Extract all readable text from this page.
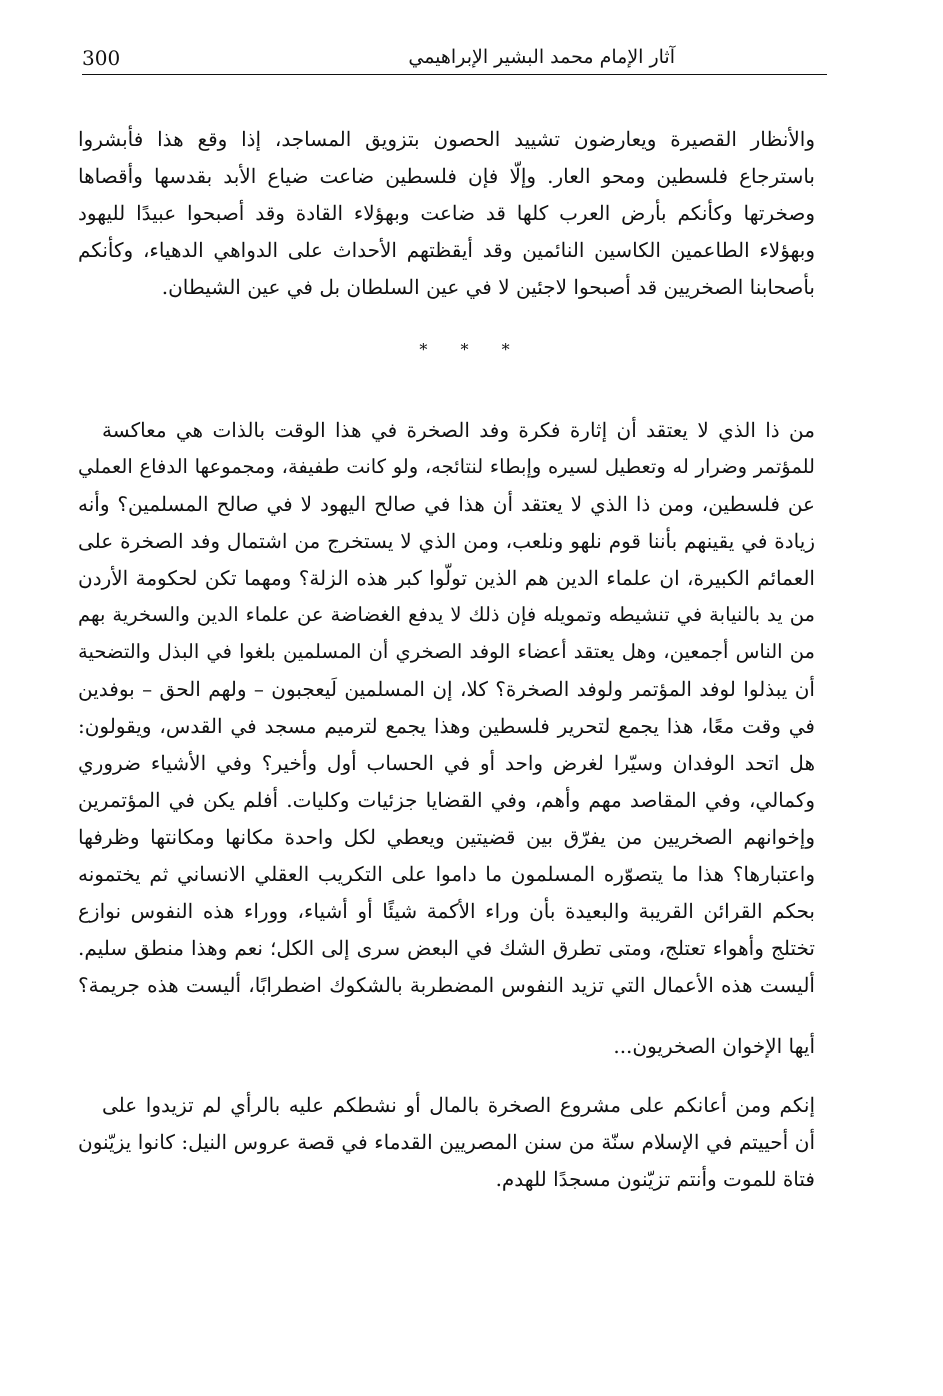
300	آثار الإمام محمد البشير الإبراهيمي
والأنظار القصيرة ويعارضون تشييد الحصون بتزويق المساجد، إذا وقع هذا فأبشروا
باسترجاع فلسطين ومحو العار. وإلّا فإن فلسطين ضاعت ضياع الأبد بقدسها وأقصاها
وصخرتها وكأنكم بأرض العرب كلها قد ضاعت وبهؤلاء القادة وقد أصبحوا عبيدًا لليهود
وبهؤلاء الطاعمين الكاسين النائمين وقد أيقظتهم الأحداث على الدواهي الدهياء، وكأنكم
بأصحابنا الصخريين قد أصبحوا لاجئين لا في عين السلطان بل في عين الشيطان.
* * *
من ذا الذي لا يعتقد أن إثارة فكرة وفد الصخرة في هذا الوقت بالذات هي معاكسة
للمؤتمر وضرار له وتعطيل لسيره وإبطاء لنتائجه، ولو كانت طفيفة، ومجموعها الدفاع العملي
عن فلسطين، ومن ذا الذي لا يعتقد أن هذا في صالح اليهود لا في صالح المسلمين؟ وأنه
زيادة في يقينهم بأننا قوم نلهو ونلعب، ومن الذي لا يستخرج من اشتمال وفد الصخرة على
العمائم الكبيرة، ان علماء الدين هم الذين تولّوا كبر هذه الزلة؟ ومهما تكن لحكومة الأردن
من يد بالنيابة في تنشيطه وتمويله فإن ذلك لا يدفع الغضاضة عن علماء الدين والسخرية بهم
من الناس أجمعين، وهل يعتقد أعضاء الوفد الصخري أن المسلمين بلغوا في البذل والتضحية
أن يبذلوا لوفد المؤتمر ولوفد الصخرة؟ كلا، إن المسلمين لَيعجبون – ولهم الحق – بوفدين
في وقت معًا، هذا يجمع لتحرير فلسطين وهذا يجمع لترميم مسجد في القدس، ويقولون:
هل اتحد الوفدان وسيّرا لغرض واحد أو في الحساب أول وأخير؟ وفي الأشياء ضروري
وكمالي، وفي المقاصد مهم وأهم، وفي القضايا جزئيات وكليات. أفلم يكن في المؤتمرين
وإخوانهم الصخريين من يفرّق بين قضيتين ويعطي لكل واحدة مكانها ومكانتها وظرفها
واعتبارها؟ هذا ما يتصوّره المسلمون ما داموا على التكريب العقلي الانساني ثم يختمونه
بحكم القرائن القريبة والبعيدة بأن وراء الأكمة شيئًا أو أشياء، ووراء هذه النفوس نوازع
تختلج وأهواء تعتلج، ومتى تطرق الشك في البعض سرى إلى الكل؛ نعم وهذا منطق سليم.
أليست هذه الأعمال التي تزيد النفوس المضطربة بالشكوك اضطرابًا، أليست هذه جريمة؟
أيها الإخوان الصخريون...
إنكم ومن أعانكم على مشروع الصخرة بالمال أو نشطكم عليه بالرأي لم تزيدوا على
أن أحييتم في الإسلام سنّة من سنن المصريين القدماء في قصة عروس النيل: كانوا يزيّنون
فتاة للموت وأنتم تزيّنون مسجدًا للهدم.
